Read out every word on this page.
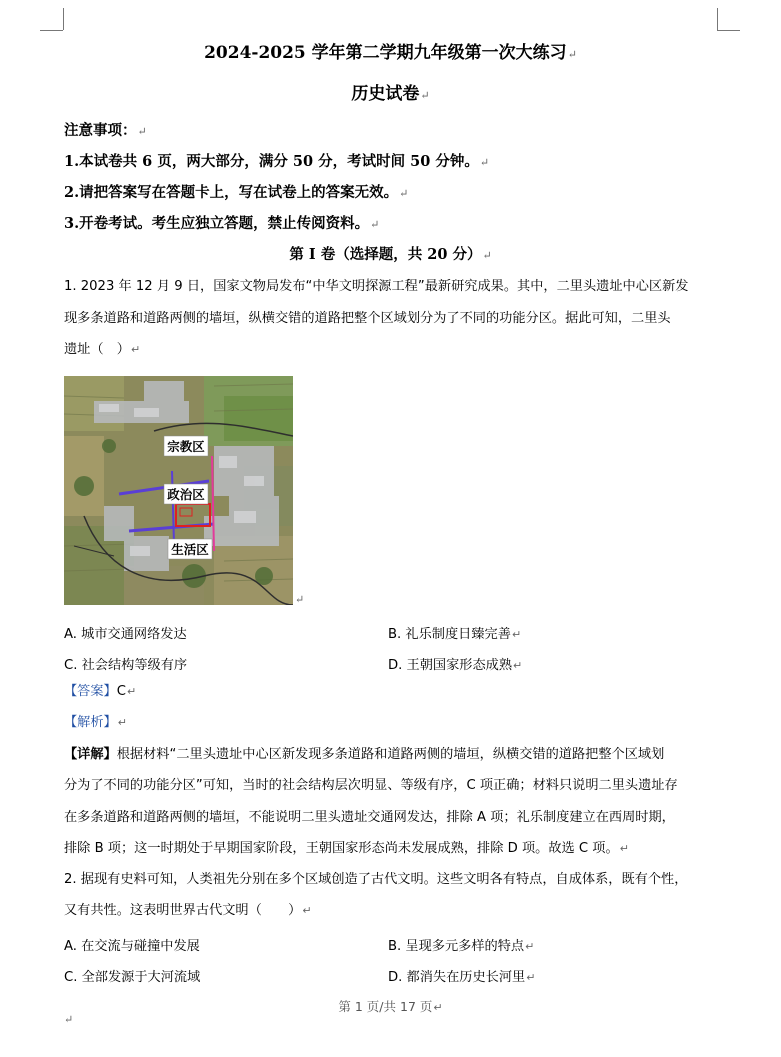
2024-2025 学年第二学期九年级第一次大练习↵
历史试卷↵
注意事项：↵
1.本试卷共 6 页，两大部分，满分 50 分，考试时间 50 分钟。↵
2.请把答案写在答题卡上，写在试卷上的答案无效。↵
3.开卷考试。考生应独立答题，禁止传阅资料。↵
第 I 卷（选择题，共 20 分）↵
1. 2023 年 12 月 9 日，国家文物局发布“中华文明探源工程”最新研究成果。其中，二里头遗址中心区新发
现多条道路和道路两侧的墙垣，纵横交错的道路把整个区域划分为了不同的功能分区。据此可知，二里头
遗址（　）↵
宗教区
政治区
生活区
↵
A. 城市交通网络发达	B. 礼乐制度日臻完善↵
C. 社会结构等级有序	D. 王朝国家形态成熟↵
【答案】C↵
【解析】↵
【详解】根据材料“二里头遗址中心区新发现多条道路和道路两侧的墙垣，纵横交错的道路把整个区域划
分为了不同的功能分区”可知，当时的社会结构层次明显、等级有序，C 项正确；材料只说明二里头遗址存
在多条道路和道路两侧的墙垣，不能说明二里头遗址交通网发达，排除 A 项；礼乐制度建立在西周时期，
排除 B 项；这一时期处于早期国家阶段，王朝国家形态尚未发展成熟，排除 D 项。故选 C 项。↵
2. 据现有史料可知，人类祖先分别在多个区域创造了古代文明。这些文明各有特点，自成体系，既有个性，
又有共性。这表明世界古代文明（　　）↵
A. 在交流与碰撞中发展	B. 呈现多元多样的特点↵
C. 全部发源于大河流域	D. 都消失在历史长河里↵
第 1 页/共 17 页↵
↵
